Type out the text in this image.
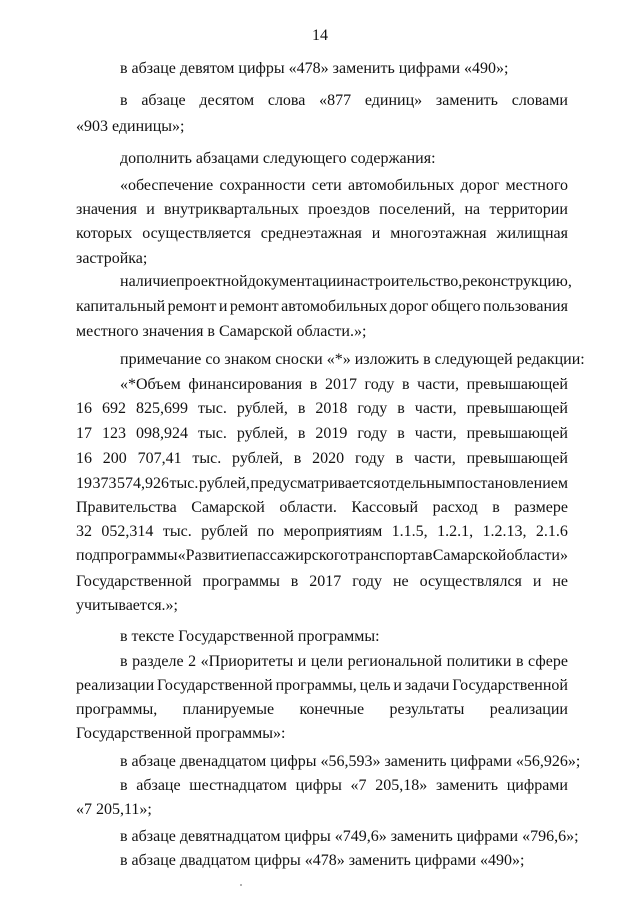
14
в абзаце девятом цифры «478» заменить цифрами «490»;
в абзаце десятом слова «877 единиц» заменить словами
«903 единицы»;
дополнить абзацами следующего содержания:
«обеспечение сохранности сети автомобильных дорог местного
значения и внутриквартальных проездов поселений, на территории
которых осуществляется среднеэтажная и многоэтажная жилищная
застройка;
наличие проектной документации на строительство, реконструкцию,
капитальный ремонт и ремонт автомобильных дорог общего пользования
местного значения в Самарской области.»;
примечание со знаком сноски «*» изложить в следующей редакции:
«*Объем финансирования в 2017 году в части, превышающей
16 692 825,699 тыс. рублей, в 2018 году в части, превышающей
17 123 098,924 тыс. рублей, в 2019 году в части, превышающей
16 200 707,41 тыс. рублей, в 2020 году в части, превышающей
19 373 574,926 тыс. рублей, предусматривается отдельным постановлением
Правительства Самарской области. Кассовый расход в размере
32 052,314 тыс. рублей по мероприятиям 1.1.5, 1.2.1, 1.2.13, 2.1.6
подпрограммы «Развитие пассажирского транспорта в Самарской области»
Государственной программы в 2017 году не осуществлялся и не
учитывается.»;
в тексте Государственной программы:
в разделе 2 «Приоритеты и цели региональной политики в сфере
реализации Государственной программы, цель и задачи Государственной
программы, планируемые конечные результаты реализации
Государственной программы»:
в абзаце двенадцатом цифры «56,593» заменить цифрами «56,926»;
в абзаце шестнадцатом цифры «7 205,18» заменить цифрами
«7 205,11»;
в абзаце девятнадцатом цифры «749,6» заменить цифрами «796,6»;
в абзаце двадцатом цифры «478» заменить цифрами «490»;
